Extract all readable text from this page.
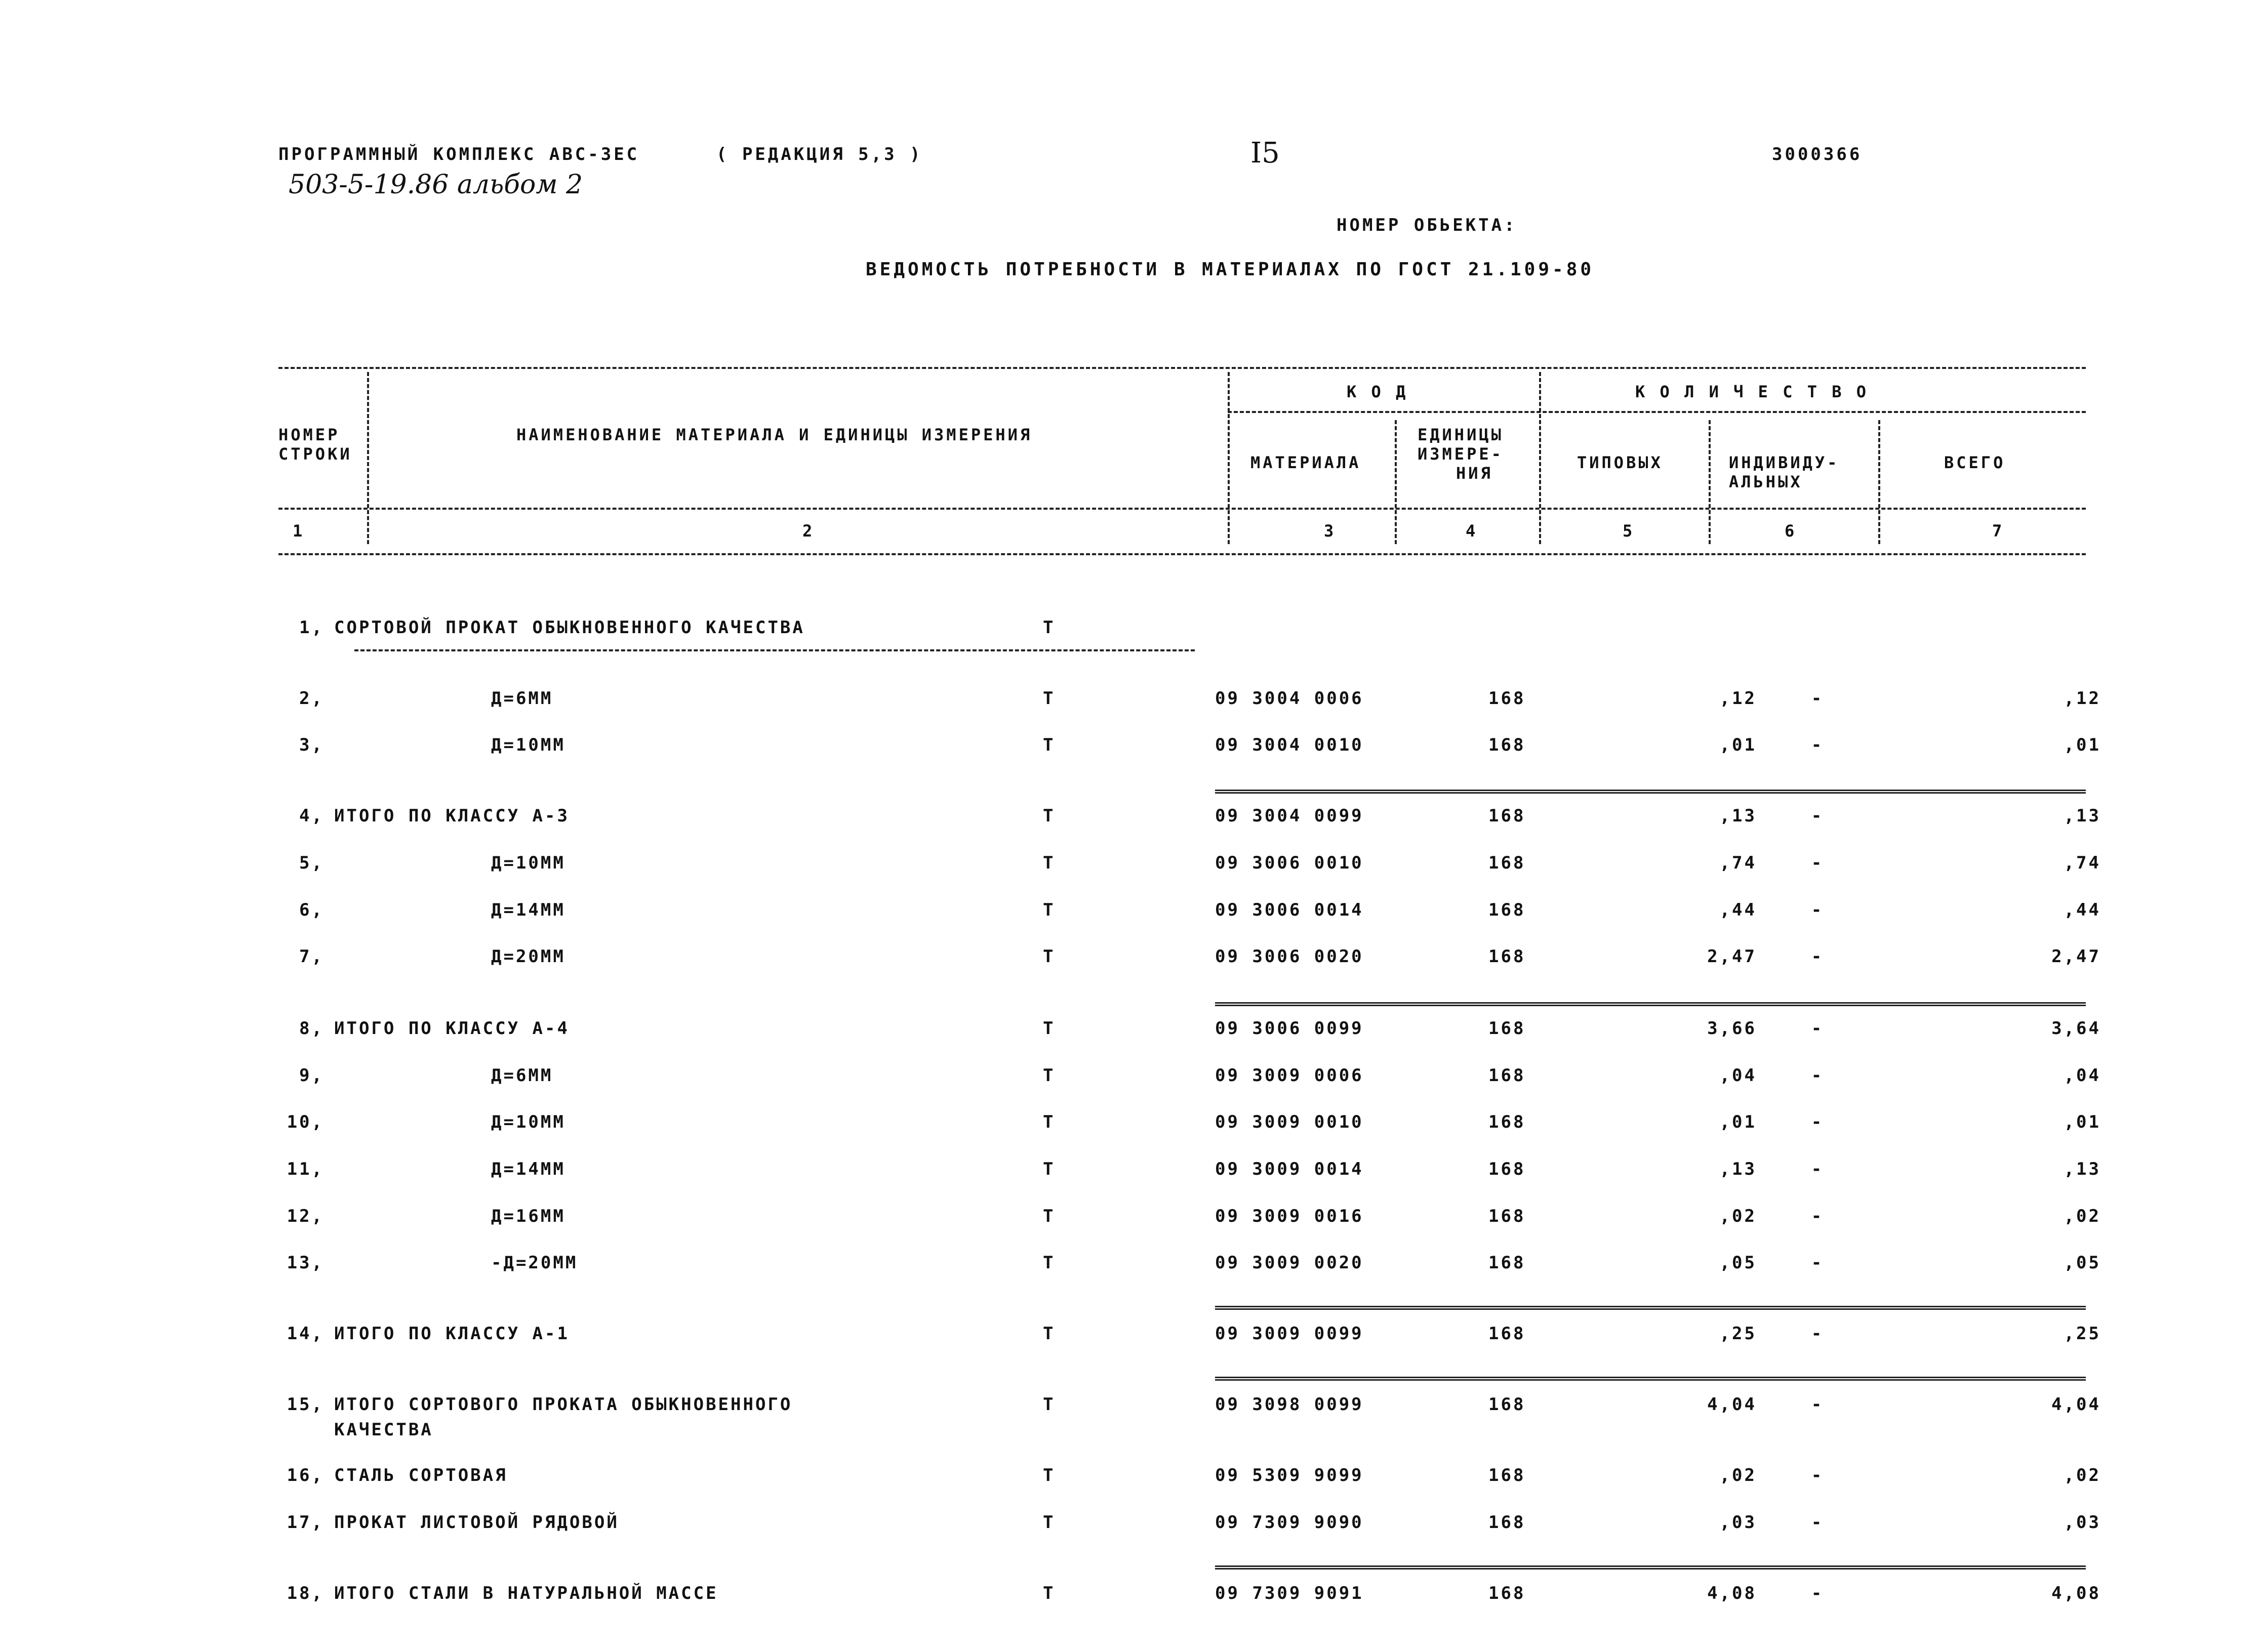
ПРОГРАММНЫЙ КОМПЛЕКС АВС-3ЕС	( РЕДАКЦИЯ 5,3 )	I5	3000366
503-5-19.86 альбом 2
НОМЕР ОБЬЕКТА:
ВЕДОМОСТЬ ПОТРЕБНОСТИ В МАТЕРИАЛАХ ПО ГОСТ 21.109-80
НОМЕР
СТРОКИ
НАИМЕНОВАНИЕ МАТЕРИАЛА И ЕДИНИЦЫ ИЗМЕРЕНИЯ
К О Д	К О Л И Ч Е С Т В О
МАТЕРИАЛА
ЕДИНИЦЫ
ИЗМЕРЕ-
НИЯ
ТИПОВЫХ	ИНДИВИДУ-
АЛЬНЫХ
ВСЕГО
1	2	3	4	5	6	7
1, СОРТОВОЙ ПРОКАТ ОБЫКНОВЕННОГО КАЧЕСТВА	Т
2,	Д=6ММ	Т	09 3004 0006	168	,12	-	,12
3,	Д=10ММ	Т	09 3004 0010	168	,01	-	,01
4, ИТОГО ПО КЛАССУ А-3	Т	09 3004 0099	168	,13	-	,13
5,	Д=10ММ	Т	09 3006 0010	168	,74	-	,74
6,	Д=14ММ	Т	09 3006 0014	168	,44	-	,44
7,	Д=20ММ	Т	09 3006 0020	168	2,47	-	2,47
8, ИТОГО ПО КЛАССУ А-4	Т	09 3006 0099	168	3,66	-	3,64
9,	Д=6ММ	Т	09 3009 0006	168	,04	-	,04
10,	Д=10ММ	Т	09 3009 0010	168	,01	-	,01
11,	Д=14ММ	Т	09 3009 0014	168	,13	-	,13
12,	Д=16ММ	Т	09 3009 0016	168	,02	-	,02
13,	-Д=20ММ	Т	09 3009 0020	168	,05	-	,05
14, ИТОГО ПО КЛАССУ А-1	Т	09 3009 0099	168	,25	-	,25
15, ИТОГО СОРТОВОГО ПРОКАТА ОБЫКНОВЕННОГО
КАЧЕСТВА
Т	09 3098 0099	168	4,04	-	4,04
16, СТАЛЬ СОРТОВАЯ	Т	09 5309 9099	168	,02	-	,02
17, ПРОКАТ ЛИСТОВОЙ РЯДОВОЙ	Т	09 7309 9090	168	,03	-	,03
18, ИТОГО СТАЛИ В НАТУРАЛЬНОЙ МАССЕ	Т	09 7309 9091	168	4,08	-	4,08
